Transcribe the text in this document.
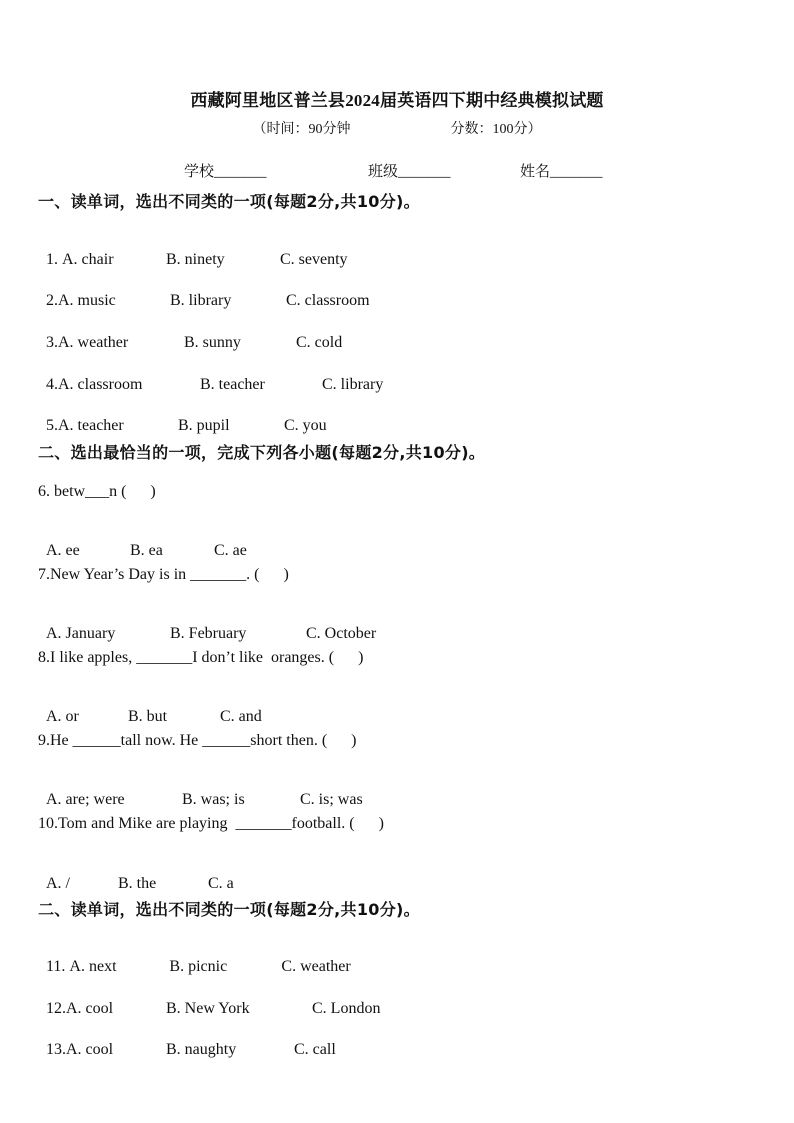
西藏阿里地区普兰县2024届英语四下期中经典模拟试题
（时间：90分钟	分数：100分）
学校_______	班级_______	姓名_______
一、读单词，选出不同类的一项(每题2分,共10分)。

1. A. chair	B. ninety	C. seventy

2.A. music	B. library	C. classroom

3.A. weather	B. sunny	C. cold

4.A. classroom	B. teacher	C. library

5.A. teacher	B. pupil	C. you

二、选出最恰当的一项，完成下列各小题(每题2分,共10分)。
6. betw___n (      )

A. ee	B. ea	C. ae

7.New Year’s Day is in _______. (      )

A. January	B. February	C. October

8.I like apples, _______I don’t like  oranges. (      )

A. or	B. but	C. and

9.He ______tall now. He ______short then. (      )

A. are; were	B. was; is	C. is; was

10.Tom and Mike are playing  _______football. (      )

A. /	B. the	C. a

二、读单词，选出不同类的一项(每题2分,共10分)。

11. A. next	B. picnic	C. weather

12.A. cool	B. New York	C. London

13.A. cool	B. naughty	C. call
